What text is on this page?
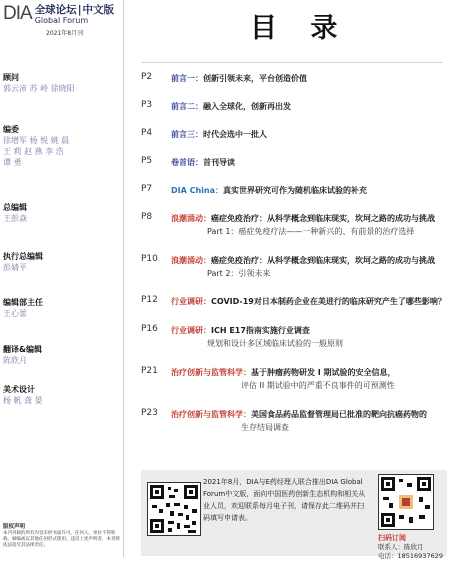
DIA 全球论坛|中文版
Global Forum
2021年8月刊
顾问
郭云沛 苏 岭 徐晓阳
编委
徐增军 杨 悦 姚 晨
王 莉 赵 燕 李 浩
谭 勇
总编辑
王彭焱
执行总编辑
彭婧平
编辑部主任
王心蕾
翻译&编辑
陈欣月
美术设计
杨 帆 龚 晏
版权声明
本刊刊载的所有内容未经书面许可，任何人、单位不得转载、摘编或以其他任何形式使用。违反上述声明者，本刊将依法追究其法律责任。
目 录
P2 前言一：创新引领未来，平台创造价值
P3 前言二：融入全球化，创新再出发
P4 前言三：时代会选中一批人
P5 卷首语：首刊导读
P7 DIA China：真实世界研究可作为随机临床试验的补充
P8 浪潮涌动：癌症免疫治疗：从科学概念到临床现实，坎坷之路的成功与挑战
Part 1：癌症免疫疗法——一种新兴的、有前景的治疗选择
P10 浪潮涌动：癌症免疫治疗：从科学概念到临床现实，坎坷之路的成功与挑战
Part 2：引领未来
P12 行业调研：COVID-19对日本制药企业在美进行的临床研究产生了哪些影响？
P16 行业调研：ICH E17指南实施行业调查
规划和设计多区域临床试验的一般原则
P21 治疗创新与监管科学：基于肿瘤药物研发 I 期试验的安全信息，
评估 II 期试验中的严重不良事件的可预测性
P23 治疗创新与监管科学：美国食品药品监督管理局已批准的靶向抗癌药物的
生存结局调查
2021年8月，DIA与E药经理人联合推出DIA Global Forum中文版，面向中国医药创新生态机构和相关从业人员，欢迎联系每月电子刊，请保存此二维码并扫码填写申请表。
扫码订阅
联系人：陈欣月
电话：18516937629
